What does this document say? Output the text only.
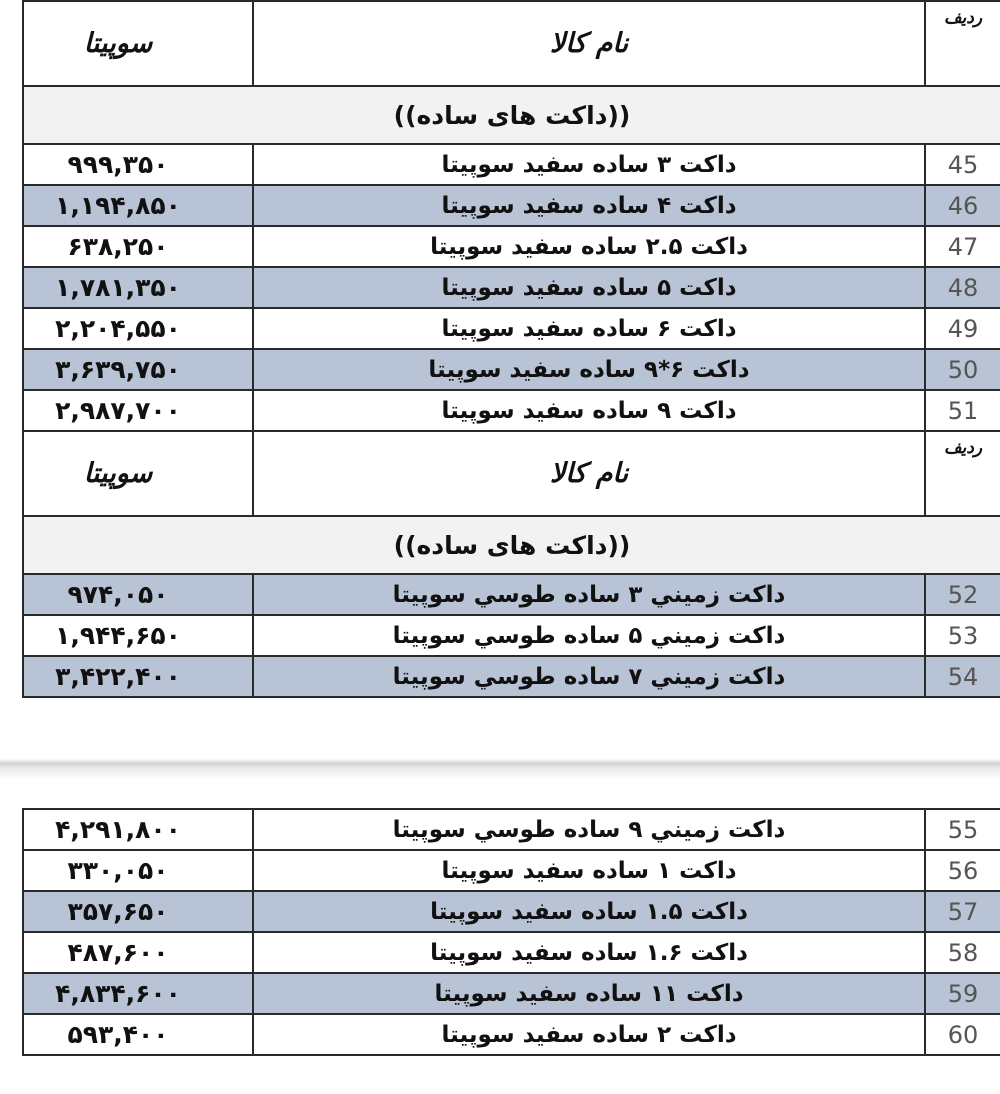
سوپیتا	نام کالا	ردیف
((داکت های ساده))		
۹۹۹,۳۵۰	داکت ۳ ساده سفید سوپیتا	45
۱,۱۹۴,۸۵۰	داکت ۴ ساده سفید سوپیتا	46
۶۳۸,۲۵۰	داکت ۲.۵ ساده سفید سوپیتا	47
۱,۷۸۱,۳۵۰	داکت ۵ ساده سفید سوپیتا	48
۲,۲۰۴,۵۵۰	داکت ۶ ساده سفید سوپیتا	49
۳,۶۳۹,۷۵۰	داکت ۶*۹ ساده سفید سوپیتا	50
۲,۹۸۷,۷۰۰	داکت ۹ ساده سفید سوپیتا	51
سوپیتا	نام کالا	ردیف
((داکت های ساده))		
۹۷۴,۰۵۰	داكت زميني ۳ ساده طوسي سوپيتا	52
۱,۹۴۴,۶۵۰	داكت زميني ۵ ساده طوسي سوپيتا	53
۳,۴۲۲,۴۰۰	داكت زميني ۷ ساده طوسي سوپيتا	54
۴,۲۹۱,۸۰۰	داكت زميني ۹ ساده طوسي سوپيتا	55
۳۳۰,۰۵۰	داكت ۱ ساده سفيد سوپيتا	56
۳۵۷,۶۵۰	داكت ۱.۵ ساده سفيد سوپيتا	57
۴۸۷,۶۰۰	داكت ۱.۶ ساده سفيد سوپيتا	58
۴,۸۳۴,۶۰۰	داكت ۱۱ ساده سفيد سوپيتا	59
۵۹۳,۴۰۰	داكت ۲ ساده سفيد سوپيتا	60
